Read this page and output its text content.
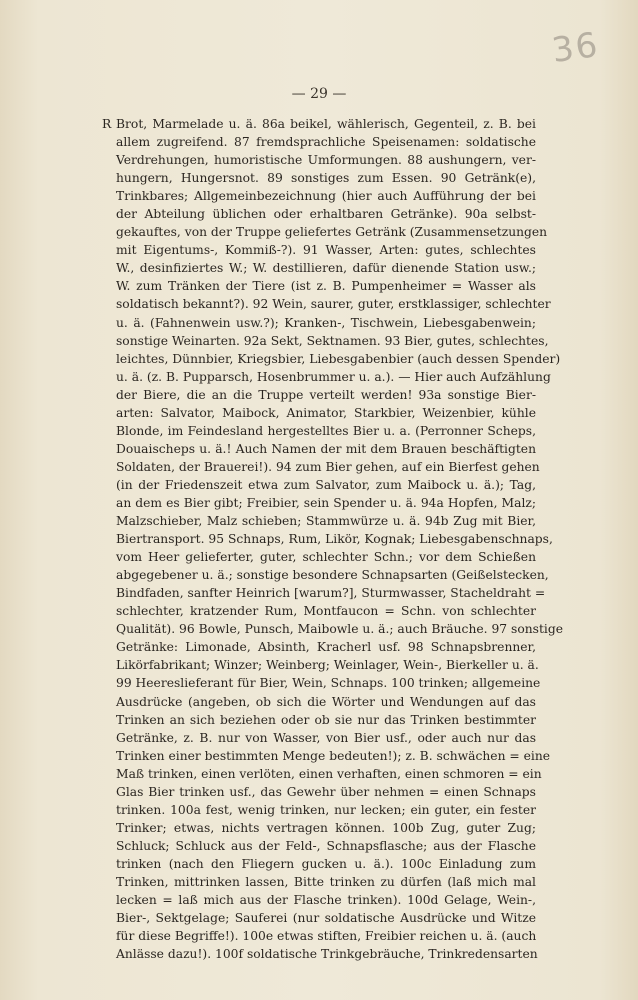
36
— 29 —
R Brot, Marmelade u. ä. 86a beikel, wählerisch, Gegenteil, z. B. bei
allem zugreifend. 87 fremdsprachliche Speisenamen: soldatische
Verdrehungen, humoristische Umformungen. 88 aushungern, ver-
hungern, Hungersnot. 89 sonstiges zum Essen. 90 Getränk(e),
Trinkbares; Allgemeinbezeichnung (hier auch Aufführung der bei
der Abteilung üblichen oder erhaltbaren Getränke). 90a selbst-
gekauftes, von der Truppe geliefertes Getränk (Zusammensetzungen
mit Eigentums-, Kommiß-?). 91 Wasser, Arten: gutes, schlechtes
W., desinfiziertes W.; W. destillieren, dafür dienende Station usw.;
W. zum Tränken der Tiere (ist z. B. Pumpenheimer = Wasser als
soldatisch bekannt?). 92 Wein, saurer, guter, erstklassiger, schlechter
u. ä. (Fahnenwein usw.?); Kranken-, Tischwein, Liebesgabenwein;
sonstige Weinarten. 92a Sekt, Sektnamen. 93 Bier, gutes, schlechtes,
leichtes, Dünnbier, Kriegsbier, Liebesgabenbier (auch dessen Spender)
u. ä. (z. B. Pupparsch, Hosenbrummer u. a.). — Hier auch Aufzählung
der Biere, die an die Truppe verteilt werden! 93a sonstige Bier-
arten: Salvator, Maibock, Animator, Starkbier, Weizenbier, kühle
Blonde, im Feindesland hergestelltes Bier u. a. (Perronner Scheps,
Douaischeps u. ä.! Auch Namen der mit dem Brauen beschäftigten
Soldaten, der Brauerei!). 94 zum Bier gehen, auf ein Bierfest gehen
(in der Friedenszeit etwa zum Salvator, zum Maibock u. ä.); Tag,
an dem es Bier gibt; Freibier, sein Spender u. ä. 94a Hopfen, Malz;
Malzschieber, Malz schieben; Stammwürze u. ä. 94b Zug mit Bier,
Biertransport. 95 Schnaps, Rum, Likör, Kognak; Liebesgabenschnaps,
vom Heer gelieferter, guter, schlechter Schn.; vor dem Schießen
abgegebener u. ä.; sonstige besondere Schnapsarten (Geißelstecken,
Bindfaden, sanfter Heinrich [warum?], Sturmwasser, Stacheldraht =
schlechter, kratzender Rum, Montfaucon = Schn. von schlechter
Qualität). 96 Bowle, Punsch, Maibowle u. ä.; auch Bräuche. 97 sonstige
Getränke: Limonade, Absinth, Kracherl usf. 98 Schnapsbrenner,
Likörfabrikant; Winzer; Weinberg; Weinlager, Wein-, Bierkeller u. ä.
99 Heereslieferant für Bier, Wein, Schnaps. 100 trinken; allgemeine
Ausdrücke (angeben, ob sich die Wörter und Wendungen auf das
Trinken an sich beziehen oder ob sie nur das Trinken bestimmter
Getränke, z. B. nur von Wasser, von Bier usf., oder auch nur das
Trinken einer bestimmten Menge bedeuten!); z. B. schwächen = eine
Maß trinken, einen verlöten, einen verhaften, einen schmoren = ein
Glas Bier trinken usf., das Gewehr über nehmen = einen Schnaps
trinken. 100a fest, wenig trinken, nur lecken; ein guter, ein fester
Trinker; etwas, nichts vertragen können. 100b Zug, guter Zug;
Schluck; Schluck aus der Feld-, Schnapsflasche; aus der Flasche
trinken (nach den Fliegern gucken u. ä.). 100c Einladung zum
Trinken, mittrinken lassen, Bitte trinken zu dürfen (laß mich mal
lecken = laß mich aus der Flasche trinken). 100d Gelage, Wein-,
Bier-, Sektgelage; Sauferei (nur soldatische Ausdrücke und Witze
für diese Begriffe!). 100e etwas stiften, Freibier reichen u. ä. (auch
Anlässe dazu!). 100f soldatische Trinkgebräuche, Trinkredensarten
